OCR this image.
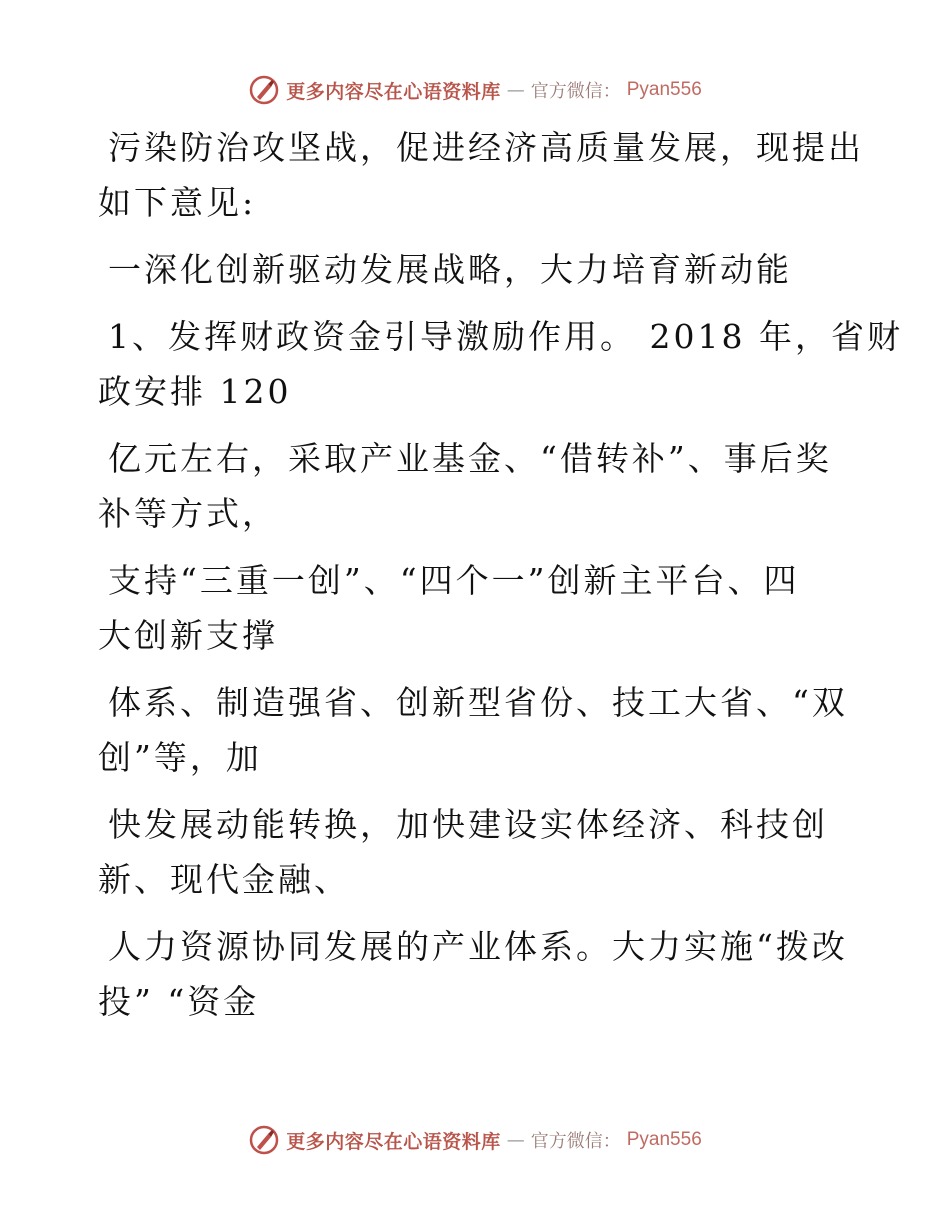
更多内容尽在心语资料库 — 官方微信： Pyan556
污染防治攻坚战，促进经济高质量发展，现提出
如下意见:
一深化创新驱动发展战略，大力培育新动能
1、发挥财政资金引导激励作用。 2018 年，省财
政安排 120
亿元左右，采取产业基金、“借转补”、事后奖
补等方式，
支持“三重一创”、“四个一”创新主平台、四
大创新支撑
体系、制造强省、创新型省份、技工大省、“双
创”等，加
快发展动能转换，加快建设实体经济、科技创
新、现代金融、
人力资源协同发展的产业体系。大力实施“拨改
投” “资金
更多内容尽在心语资料库 — 官方微信： Pyan556
